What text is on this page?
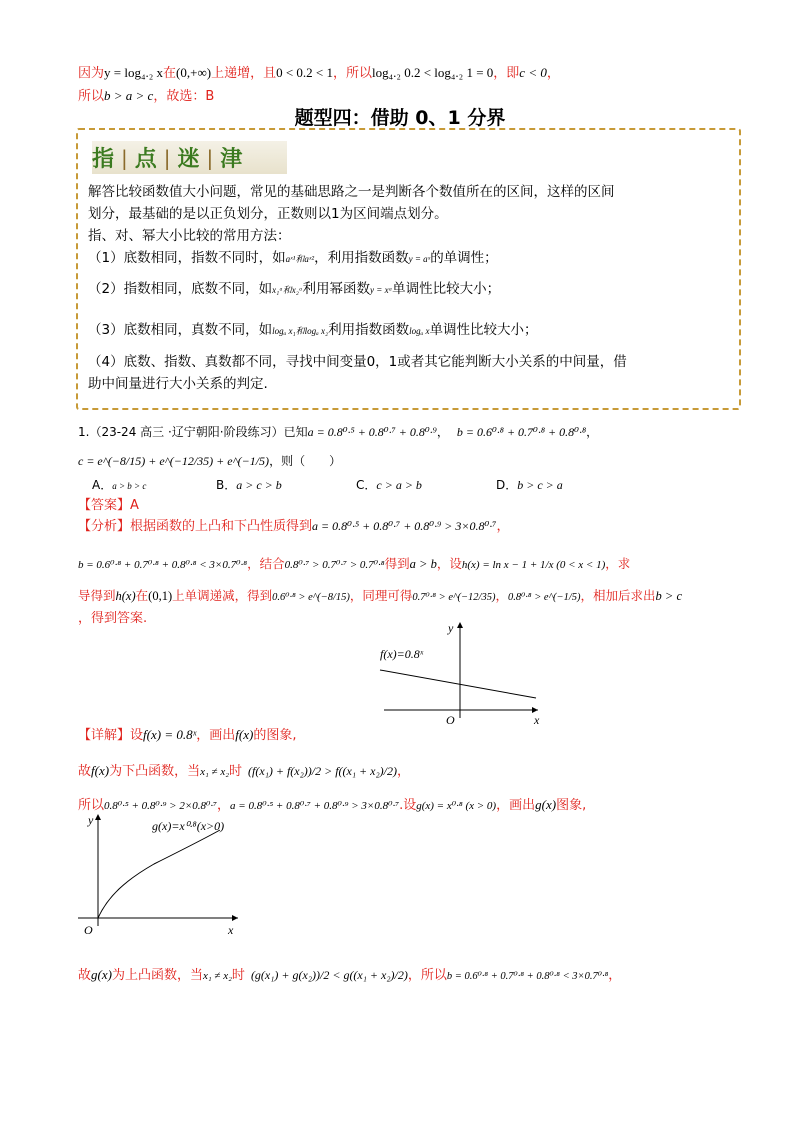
因为y = log₄.₂ x在(0,+∞)上递增，且0 < 0.2 < 1，所以log₄.₂ 0.2 < log₄.₂ 1 = 0，即c < 0，
所以b > a > c，故选：B
题型四：借助 0、1 分界
指 | 点 | 迷 | 津
解答比较函数值大小问题，常见的基础思路之一是判断各个数值所在的区间，这样的区间
划分，最基础的是以正负划分，正数则以1为区间端点划分。
指、对、幂大小比较的常用方法：
（1）底数相同，指数不同时，如aˣ¹和aˣ²，利用指数函数y = aˣ的单调性；
（2）指数相同，底数不同，如x₁ᵃ和x₂ᵃ利用幂函数y = xᵃ单调性比较大小；
（3）底数相同，真数不同，如logₐ x₁和logₐ x₂利用指数函数logₐ x单调性比较大小；
（4）底数、指数、真数都不同，寻找中间变量0，1或者其它能判断大小关系的中间量，借
助中间量进行大小关系的判定.
1.（23-24 高三 ·辽宁朝阳·阶段练习）已知a = 0.8⁰·⁵ + 0.8⁰·⁷ + 0.8⁰·⁹， b = 0.6⁰·⁸ + 0.7⁰·⁸ + 0.8⁰·⁸，
c = e^(−8/15) + e^(−12/35) + e^(−1/5)，则（　　）
A．a > b > c	B．a > c > b	C．c > a > b	D．b > c > a
【答案】A
【分析】根据函数的上凸和下凸性质得到a = 0.8⁰·⁵ + 0.8⁰·⁷ + 0.8⁰·⁹ > 3×0.8⁰·⁷，
b = 0.6⁰·⁸ + 0.7⁰·⁸ + 0.8⁰·⁸ < 3×0.7⁰·⁸，结合0.8⁰·⁷ > 0.7⁰·⁷ > 0.7⁰·⁸得到a > b，设h(x) = ln x − 1 + 1/x (0 < x < 1)，求
导得到h(x)在(0,1)上单调递减，得到0.6⁰·⁸ > e^(−8/15)，同理可得0.7⁰·⁸ > e^(−12/35)，0.8⁰·⁸ > e^(−1/5)，相加后求出b > c
，得到答案.
f(x)=0.8ˣ
y
x
O
【详解】设f(x) = 0.8ˣ，画出f(x)的图象,
故f(x)为下凸函数，当x₁ ≠ x₂时 (f(x₁) + f(x₂))/2 > f((x₁ + x₂)/2)，
所以0.8⁰·⁵ + 0.8⁰·⁹ > 2×0.8⁰·⁷，a = 0.8⁰·⁵ + 0.8⁰·⁷ + 0.8⁰·⁹ > 3×0.8⁰·⁷.设g(x) = x⁰·⁸ (x > 0)，画出g(x)图象,
g(x)=x⁰·⁸(x>0)
y
x
O
故g(x)为上凸函数，当x₁ ≠ x₂时 (g(x₁) + g(x₂))/2 < g((x₁ + x₂)/2)，所以b = 0.6⁰·⁸ + 0.7⁰·⁸ + 0.8⁰·⁸ < 3×0.7⁰·⁸，
